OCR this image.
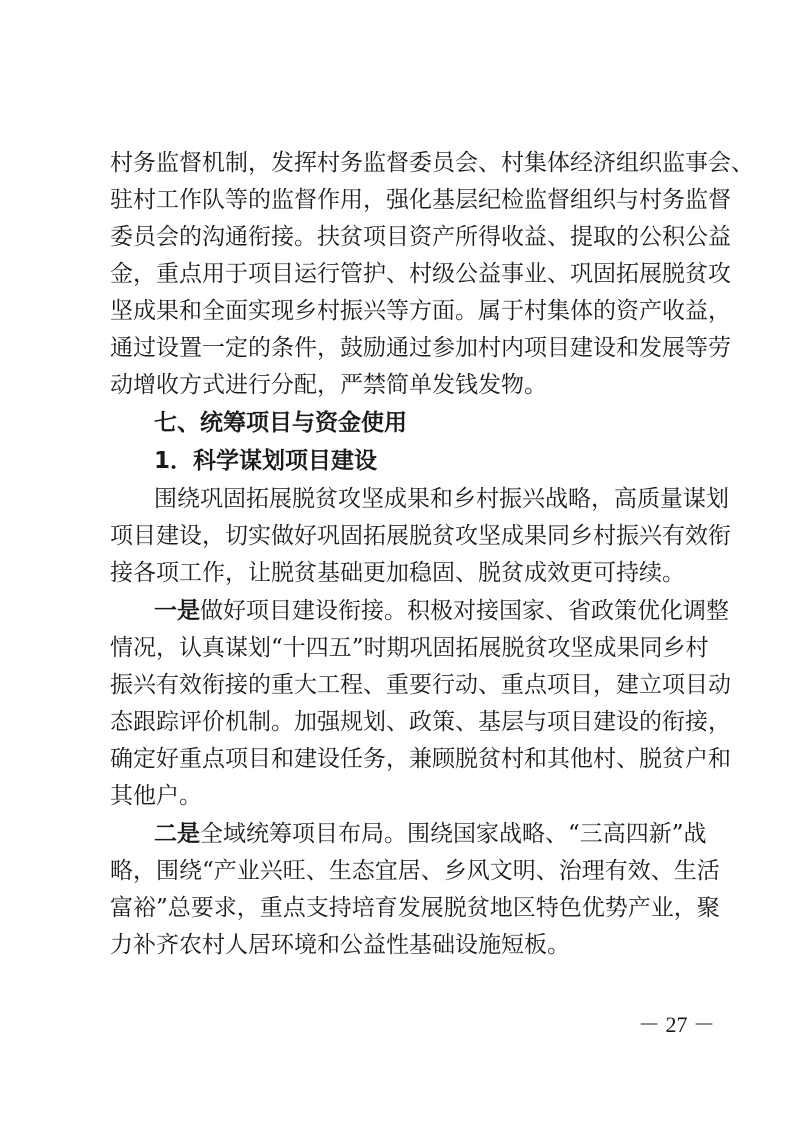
村务监督机制，发挥村务监督委员会、村集体经济组织监事会、
驻村工作队等的监督作用，强化基层纪检监督组织与村务监督
委员会的沟通衔接。扶贫项目资产所得收益、提取的公积公益
金，重点用于项目运行管护、村级公益事业、巩固拓展脱贫攻
坚成果和全面实现乡村振兴等方面。属于村集体的资产收益，
通过设置一定的条件，鼓励通过参加村内项目建设和发展等劳
动增收方式进行分配，严禁简单发钱发物。
七、统筹项目与资金使用
1．科学谋划项目建设
围绕巩固拓展脱贫攻坚成果和乡村振兴战略，高质量谋划
项目建设，切实做好巩固拓展脱贫攻坚成果同乡村振兴有效衔
接各项工作，让脱贫基础更加稳固、脱贫成效更可持续。
一是做好项目建设衔接。积极对接国家、省政策优化调整
情况，认真谋划“十四五”时期巩固拓展脱贫攻坚成果同乡村
振兴有效衔接的重大工程、重要行动、重点项目，建立项目动
态跟踪评价机制。加强规划、政策、基层与项目建设的衔接，
确定好重点项目和建设任务，兼顾脱贫村和其他村、脱贫户和
其他户。
二是全域统筹项目布局。围绕国家战略、“三高四新”战
略，围绕“产业兴旺、生态宜居、乡风文明、治理有效、生活
富裕”总要求，重点支持培育发展脱贫地区特色优势产业，聚
力补齐农村人居环境和公益性基础设施短板。
－ 27 －
